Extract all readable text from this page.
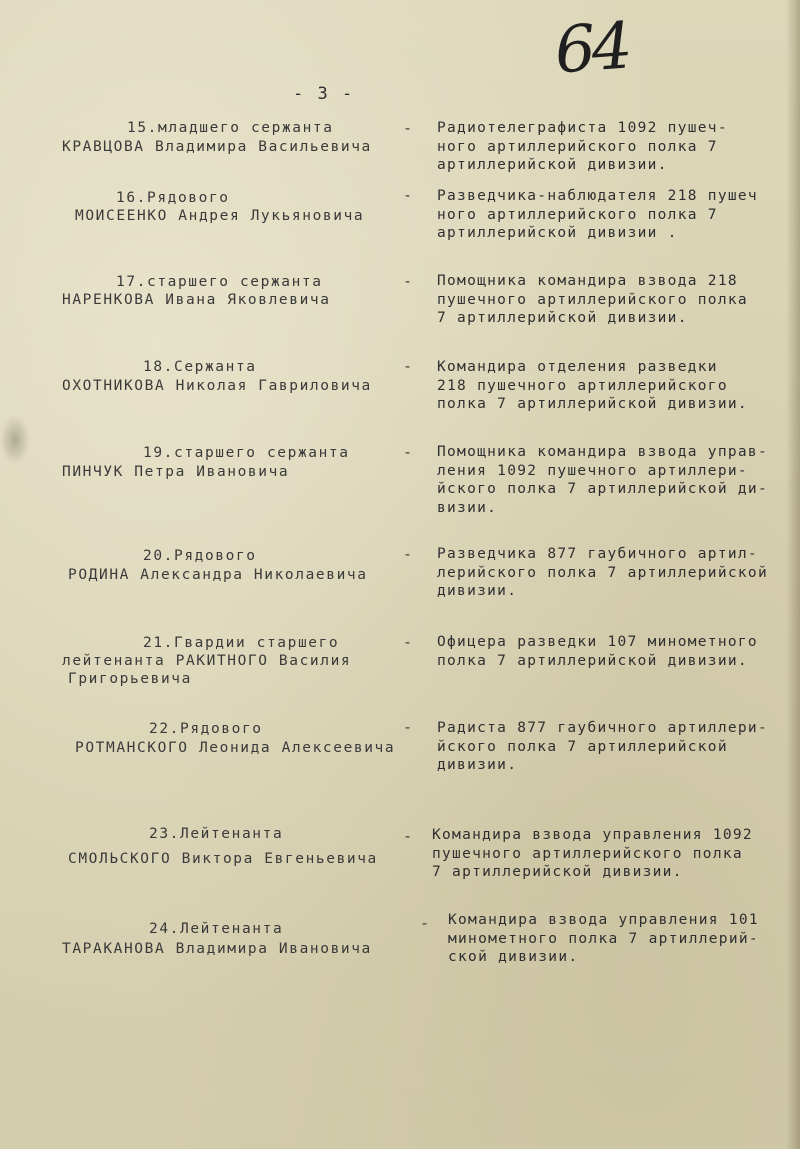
64
- 3 -
15.младшего сержанта
КРАВЦОВА Владимира Васильевича
- Радиотелеграфиста 1092 пушеч-
ного артиллерийского полка 7
артиллерийской дивизии.
16.Рядового
МОИСЕЕНКО Андрея Лукьяновича
- Разведчика-наблюдателя 218 пушеч
ного артиллерийского полка 7
артиллерийской дивизии .
17.старшего сержанта
НАРЕНКОВА Ивана Яковлевича
- Помощника командира взвода 218
пушечного артиллерийского полка
7 артиллерийской дивизии.
18.Сержанта
ОХОТНИКОВА Николая Гавриловича
- Командира отделения разведки
218 пушечного артиллерийского
полка 7 артиллерийской дивизии.
19.старшего сержанта
ПИНЧУК Петра Ивановича
- Помощника командира взвода управ-
ления 1092 пушечного артиллери-
йского полка 7 артиллерийской ди-
визии.
20.Рядового
РОДИНА Александра Николаевича
- Разведчика 877 гаубичного артил-
лерийского полка 7 артиллерийской
дивизии.
21.Гвардии старшего
лейтенанта РАКИТНОГО Василия
Григорьевича
- Офицера разведки 107 минометного
полка 7 артиллерийской дивизии.
22.Рядового
РОТМАНСКОГО Леонида Алексеевича
- Радиста 877 гаубичного артиллери-
йского полка 7 артиллерийской
дивизии.
23.Лейтенанта
СМОЛЬСКОГО Виктора Евгеньевича
- Командира взвода управления 1092
пушечного артиллерийского полка
7 артиллерийской дивизии.
24.Лейтенанта
ТАРАКАНОВА Владимира Ивановича
- Командира взвода управления 101
минометного полка 7 артиллерий-
ской дивизии.
